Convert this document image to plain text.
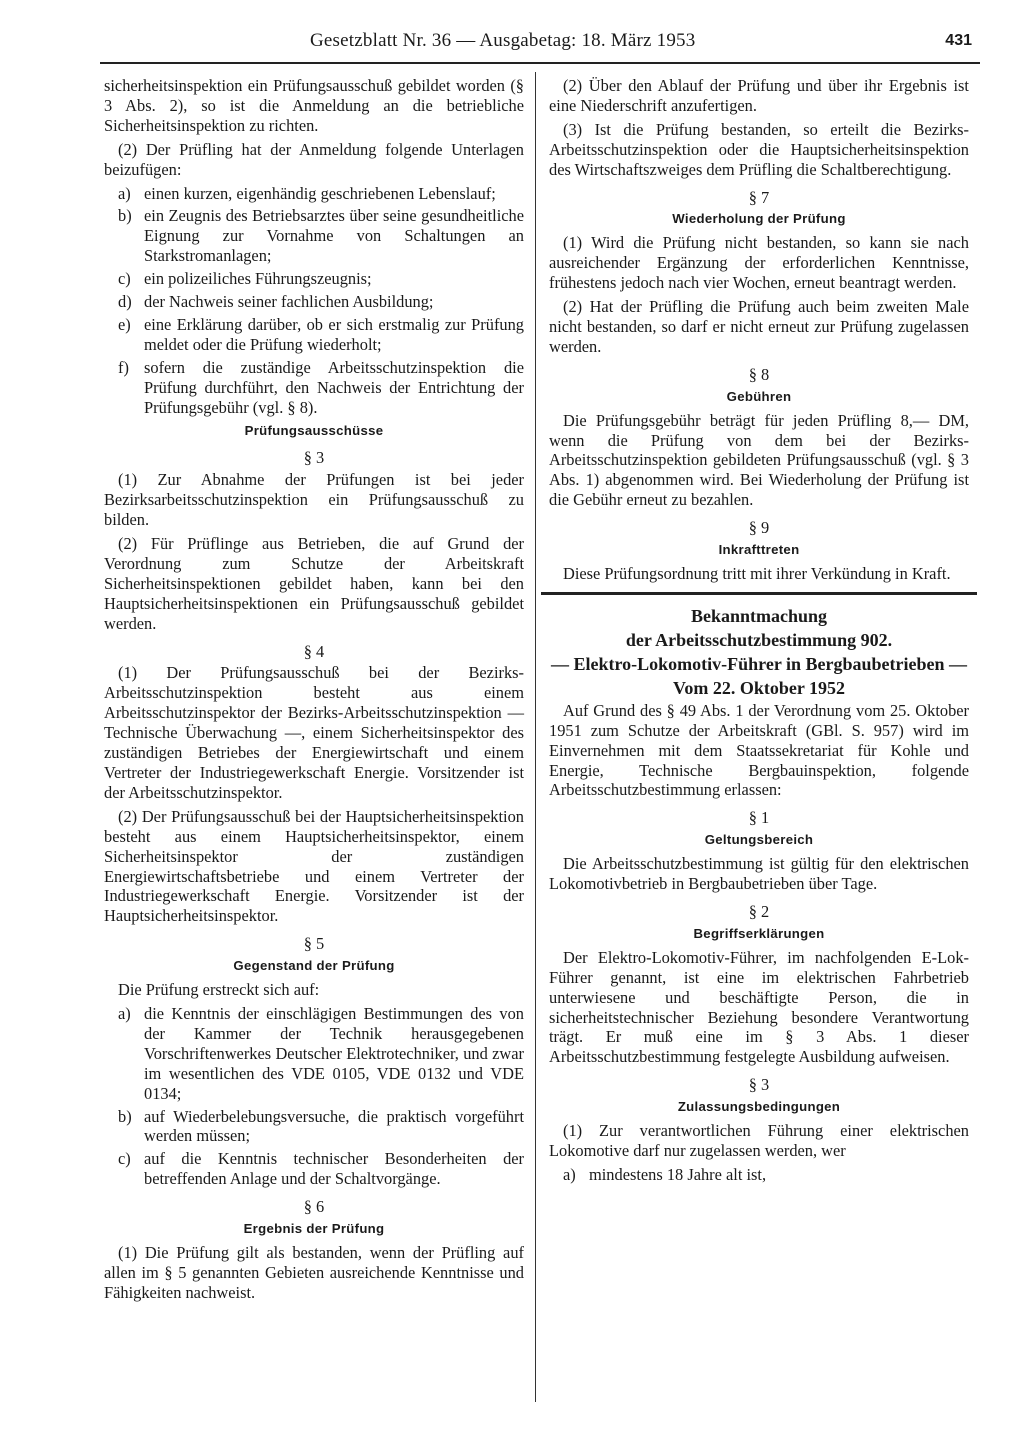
Gesetzblatt Nr. 36 — Ausgabetag: 18. März 1953	431

sicherheitsinspektion ein Prüfungsausschuß gebildet worden (§ 3 Abs. 2), so ist die Anmeldung an die betriebliche Sicherheitsinspektion zu richten.

(2) Der Prüfling hat der Anmeldung folgende Unterlagen beizufügen:

a) einen kurzen, eigenhändig geschriebenen Lebenslauf;
b) ein Zeugnis des Betriebsarztes über seine gesundheitliche Eignung zur Vornahme von Schaltungen an Starkstromanlagen;
c) ein polizeiliches Führungszeugnis;
d) der Nachweis seiner fachlichen Ausbildung;
e) eine Erklärung darüber, ob er sich erstmalig zur Prüfung meldet oder die Prüfung wiederholt;
f) sofern die zuständige Arbeitsschutzinspektion die Prüfung durchführt, den Nachweis der Entrichtung der Prüfungsgebühr (vgl. § 8).
Prüfungsausschüsse
§ 3

(1) Zur Abnahme der Prüfungen ist bei jeder Bezirksarbeitsschutzinspektion ein Prüfungsausschuß zu bilden.

(2) Für Prüflinge aus Betrieben, die auf Grund der Verordnung zum Schutze der Arbeitskraft Sicherheitsinspektionen gebildet haben, kann bei den Hauptsicherheitsinspektionen ein Prüfungsausschuß gebildet werden.

§ 4

(1) Der Prüfungsausschuß bei der Bezirks-Arbeitsschutzinspektion besteht aus einem Arbeitsschutzinspektor der Bezirks-Arbeitsschutzinspektion — Technische Überwachung —, einem Sicherheitsinspektor des zuständigen Betriebes der Energiewirtschaft und einem Vertreter der Industriegewerkschaft Energie. Vorsitzender ist der Arbeitsschutzinspektor.

(2) Der Prüfungsausschuß bei der Hauptsicherheitsinspektion besteht aus einem Hauptsicherheitsinspektor, einem Sicherheitsinspektor der zuständigen Energiewirtschaftsbetriebe und einem Vertreter der Industriegewerkschaft Energie. Vorsitzender ist der Hauptsicherheitsinspektor.

§ 5
Gegenstand der Prüfung

Die Prüfung erstreckt sich auf:

a) die Kenntnis der einschlägigen Bestimmungen des von der Kammer der Technik herausgegebenen Vorschriftenwerkes Deutscher Elektrotechniker, und zwar im wesentlichen des VDE 0105, VDE 0132 und VDE 0134;
b) auf Wiederbelebungsversuche, die praktisch vorgeführt werden müssen;
c) auf die Kenntnis technischer Besonderheiten der betreffenden Anlage und der Schaltvorgänge.
§ 6
Ergebnis der Prüfung

(1) Die Prüfung gilt als bestanden, wenn der Prüfling auf allen im § 5 genannten Gebieten ausreichende Kenntnisse und Fähigkeiten nachweist.

(2) Über den Ablauf der Prüfung und über ihr Ergebnis ist eine Niederschrift anzufertigen.

(3) Ist die Prüfung bestanden, so erteilt die Bezirks-Arbeitsschutzinspektion oder die Hauptsicherheitsinspektion des Wirtschaftszweiges dem Prüfling die Schaltberechtigung.

§ 7
Wiederholung der Prüfung

(1) Wird die Prüfung nicht bestanden, so kann sie nach ausreichender Ergänzung der erforderlichen Kenntnisse, frühestens jedoch nach vier Wochen, erneut beantragt werden.

(2) Hat der Prüfling die Prüfung auch beim zweiten Male nicht bestanden, so darf er nicht erneut zur Prüfung zugelassen werden.

§ 8
Gebühren

Die Prüfungsgebühr beträgt für jeden Prüfling 8,— DM, wenn die Prüfung von dem bei der Bezirks-Arbeitsschutzinspektion gebildeten Prüfungsausschuß (vgl. § 3 Abs. 1) abgenommen wird. Bei Wiederholung der Prüfung ist die Gebühr erneut zu bezahlen.

§ 9
Inkrafttreten

Diese Prüfungsordnung tritt mit ihrer Verkündung in Kraft.

Bekanntmachung
der Arbeitsschutzbestimmung 902.
— Elektro-Lokomotiv-Führer in Bergbaubetrieben —
Vom 22. Oktober 1952

Auf Grund des § 49 Abs. 1 der Verordnung vom 25. Oktober 1951 zum Schutze der Arbeitskraft (GBl. S. 957) wird im Einvernehmen mit dem Staatssekretariat für Kohle und Energie, Technische Bergbauinspektion, folgende Arbeitsschutzbestimmung erlassen:

§ 1
Geltungsbereich

Die Arbeitsschutzbestimmung ist gültig für den elektrischen Lokomotivbetrieb in Bergbaubetrieben über Tage.

§ 2
Begriffserklärungen

Der Elektro-Lokomotiv-Führer, im nachfolgenden E-Lok-Führer genannt, ist eine im elektrischen Fahrbetrieb unterwiesene und beschäftigte Person, die in sicherheitstechnischer Beziehung besondere Verantwortung trägt. Er muß eine im § 3 Abs. 1 dieser Arbeitsschutzbestimmung festgelegte Ausbildung aufweisen.

§ 3
Zulassungsbedingungen

(1) Zur verantwortlichen Führung einer elektrischen Lokomotive darf nur zugelassen werden, wer

a) mindestens 18 Jahre alt ist,
